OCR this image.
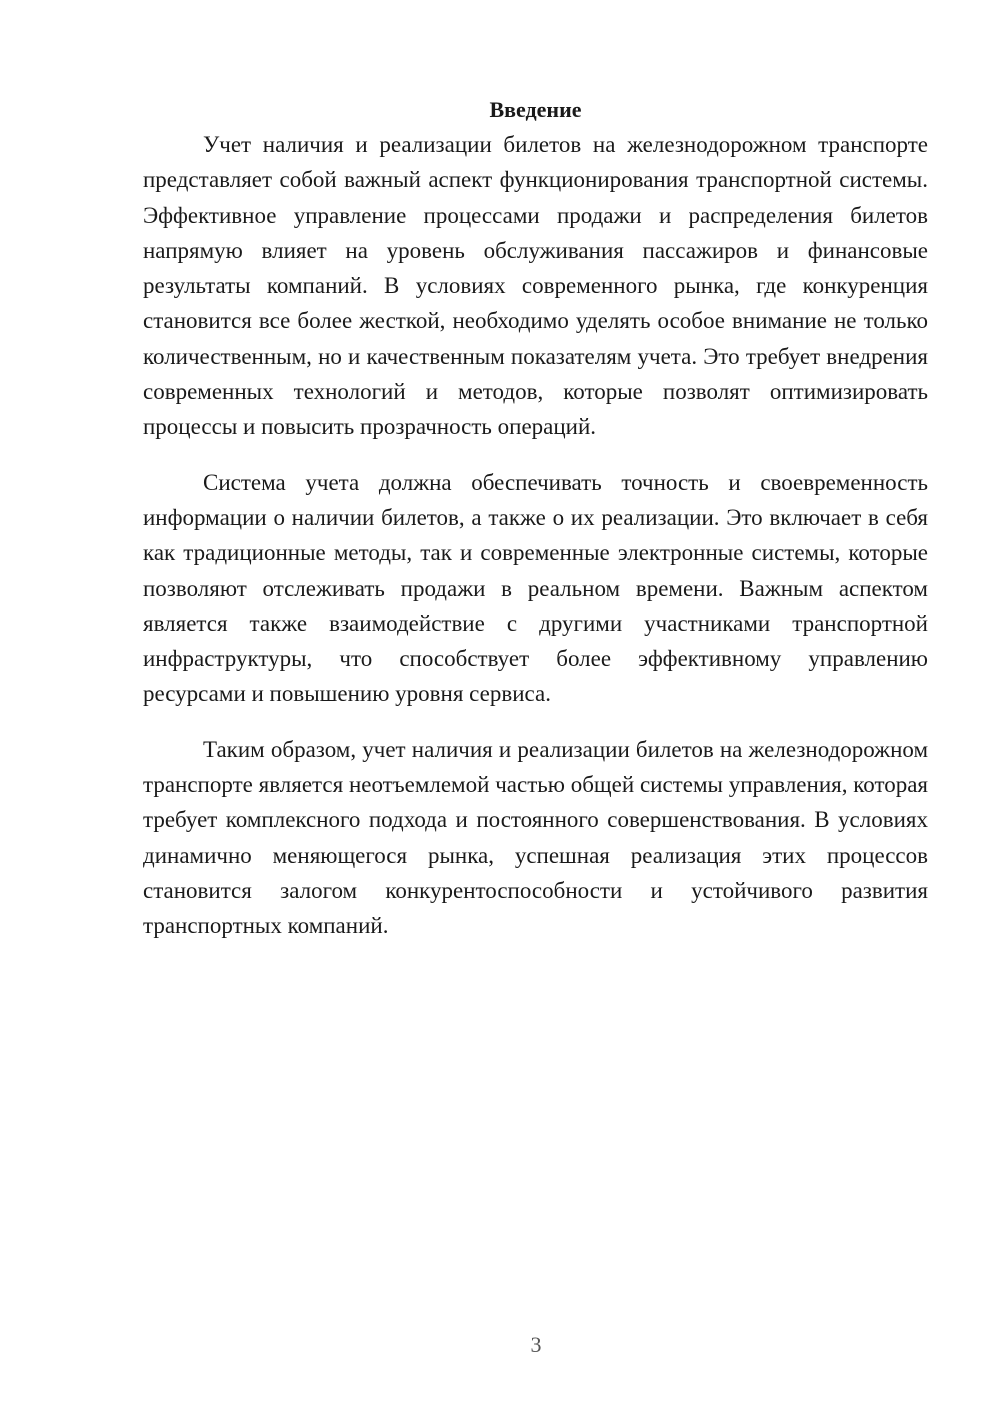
Введение

Учет наличия и реализации билетов на железнодорожном транспорте представляет собой важный аспект функционирования транспортной системы. Эффективное управление процессами продажи и распределения билетов напрямую влияет на уровень обслуживания пассажиров и финансовые результаты компаний. В условиях современного рынка, где конкуренция становится все более жесткой, необходимо уделять особое внимание не только количественным, но и качественным показателям учета. Это требует внедрения современных технологий и методов, которые позволят оптимизировать процессы и повысить прозрачность операций.

Система учета должна обеспечивать точность и своевременность информации о наличии билетов, а также о их реализации. Это включает в себя как традиционные методы, так и современные электронные системы, которые позволяют отслеживать продажи в реальном времени. Важным аспектом является также взаимодействие с другими участниками транспортной инфраструктуры, что способствует более эффективному управлению ресурсами и повышению уровня сервиса.

Таким образом, учет наличия и реализации билетов на железнодорожном транспорте является неотъемлемой частью общей системы управления, которая требует комплексного подхода и постоянного совершенствования. В условиях динамично меняющегося рынка, успешная реализация этих процессов становится залогом конкурентоспособности и устойчивого развития транспортных компаний.

3
